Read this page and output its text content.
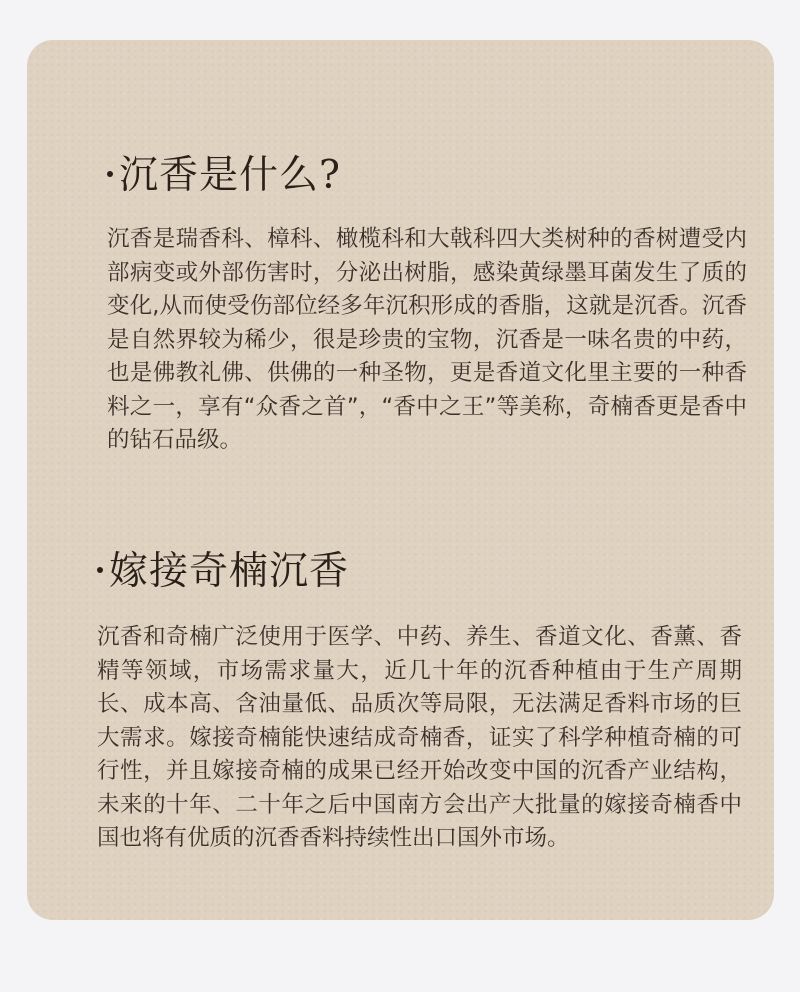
沉香是什么?

沉香是瑞香科、樟科、橄榄科和大戟科四大类树种的香树遭受内部病变或外部伤害时，分泌出树脂，感染黄绿墨耳菌发生了质的变化,从而使受伤部位经多年沉积形成的香脂，这就是沉香。沉香是自然界较为稀少，很是珍贵的宝物，沉香是一味名贵的中药，也是佛教礼佛、供佛的一种圣物，更是香道文化里主要的一种香料之一，享有“众香之首”，“香中之王”等美称，奇楠香更是香中的钻石品级。

嫁接奇楠沉香

沉香和奇楠广泛使用于医学、中药、养生、香道文化、香薰、香精等领域，市场需求量大，近几十年的沉香种植由于生产周期长、成本高、含油量低、品质次等局限，无法满足香料市场的巨大需求。嫁接奇楠能快速结成奇楠香，证实了科学种植奇楠的可行性，并且嫁接奇楠的成果已经开始改变中国的沉香产业结构，未来的十年、二十年之后中国南方会出产大批量的嫁接奇楠香中国也将有优质的沉香香料持续性出口国外市场。
